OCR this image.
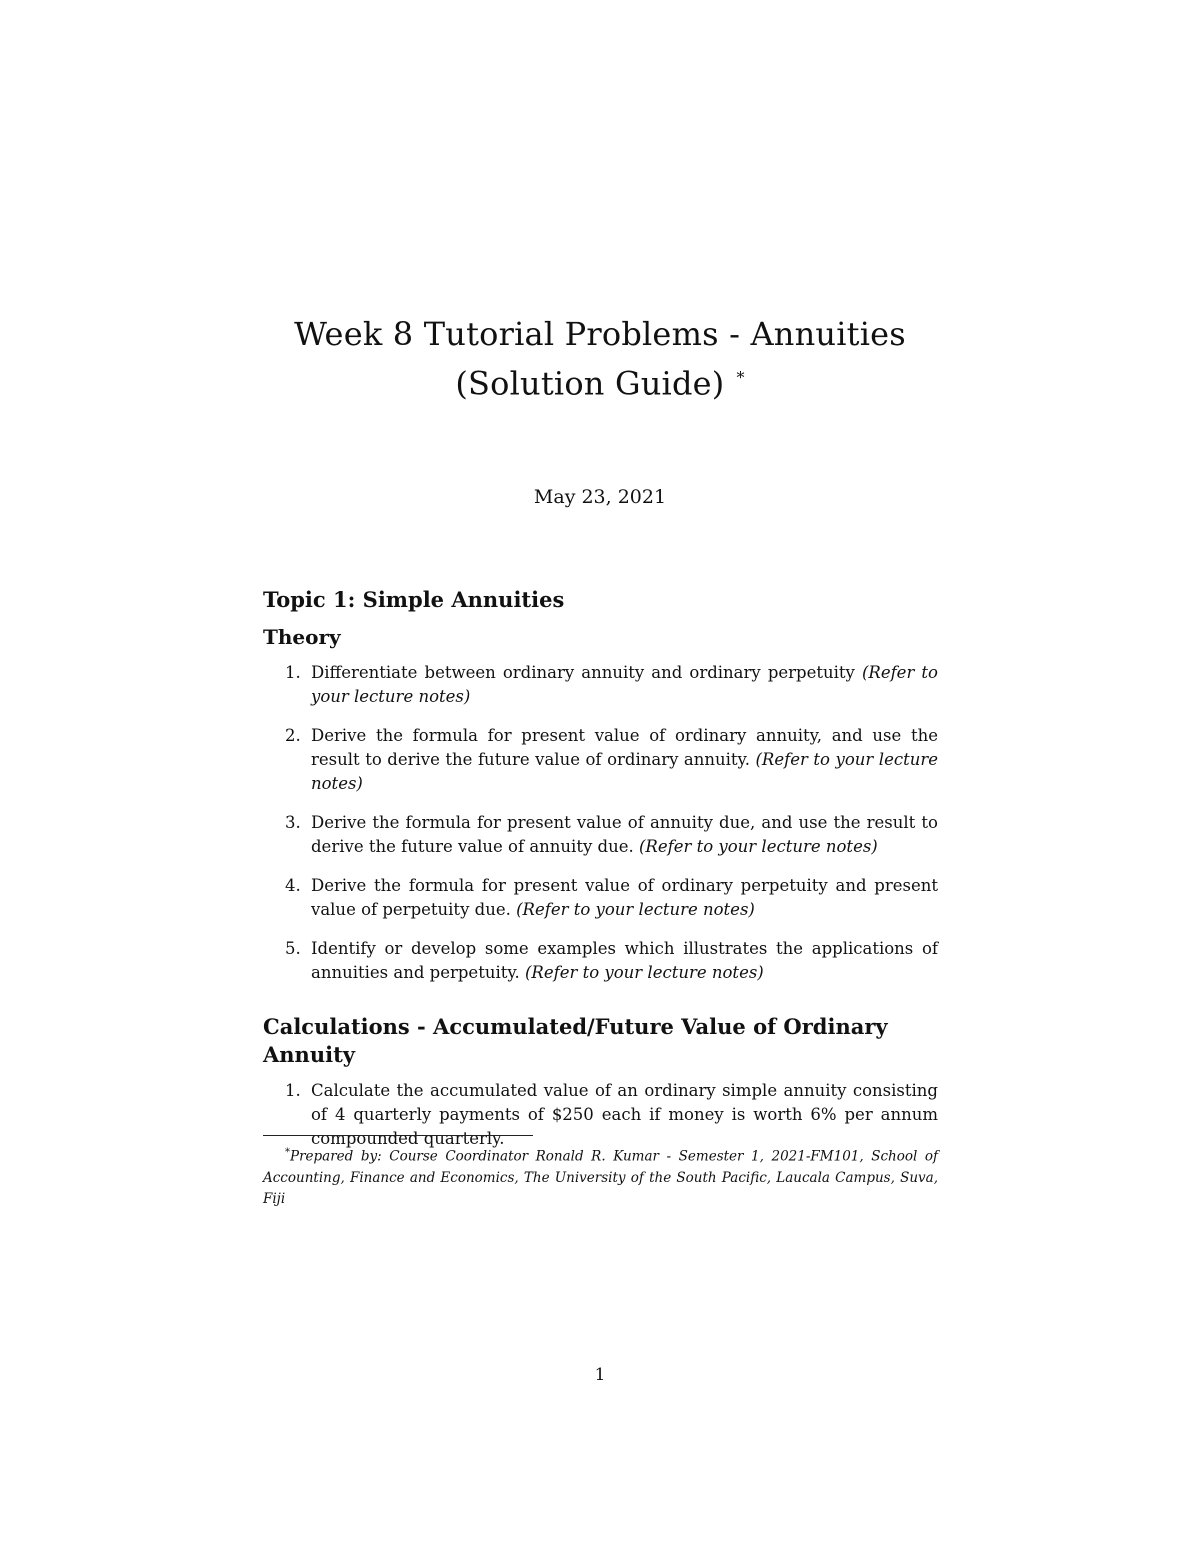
Week 8 Tutorial Problems - Annuities
(Solution Guide) *
May 23, 2021
Topic 1: Simple Annuities
Theory
1. Differentiate between ordinary annuity and ordinary perpetuity (Refer to your lecture notes)
2. Derive the formula for present value of ordinary annuity, and use the result to derive the future value of ordinary annuity. (Refer to your lecture notes)
3. Derive the formula for present value of annuity due, and use the result to derive the future value of annuity due. (Refer to your lecture notes)
4. Derive the formula for present value of ordinary perpetuity and present value of perpetuity due. (Refer to your lecture notes)
5. Identify or develop some examples which illustrates the applications of annuities and perpetuity. (Refer to your lecture notes)
Calculations - Accumulated/Future Value of Ordinary Annuity
1. Calculate the accumulated value of an ordinary simple annuity consisting of 4 quarterly payments of $250 each if money is worth 6% per annum compounded quarterly.
*Prepared by: Course Coordinator Ronald R. Kumar - Semester 1, 2021-FM101, School of Accounting, Finance and Economics, The University of the South Pacific, Laucala Campus, Suva, Fiji
1
